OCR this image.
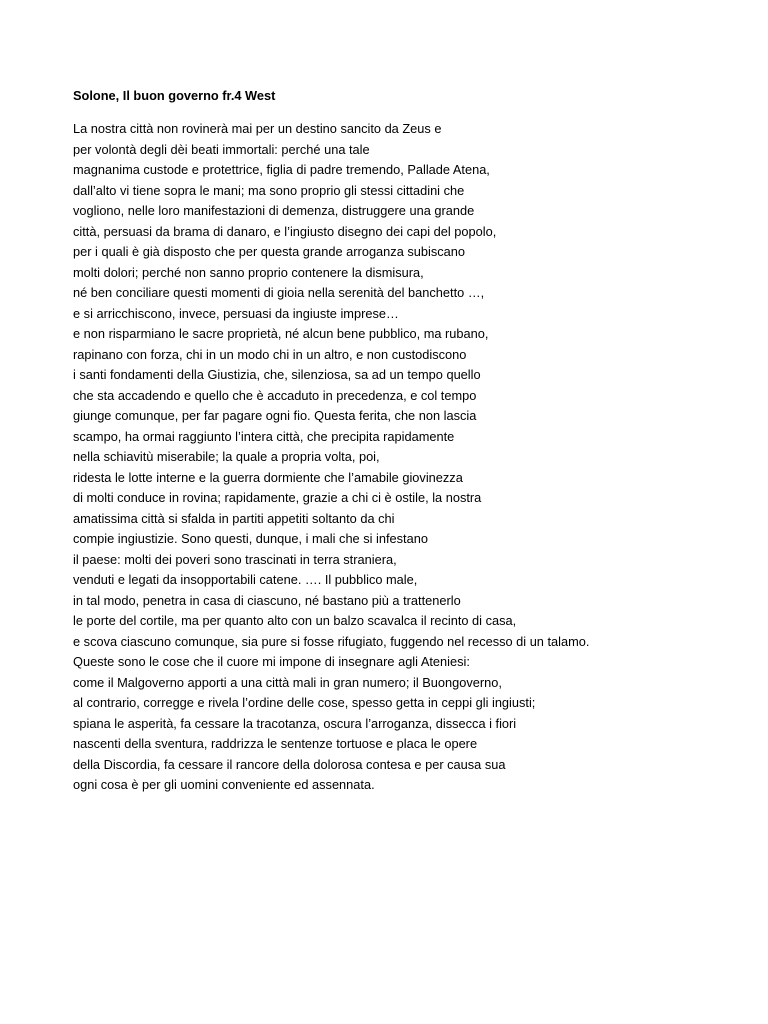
Solone, Il buon governo fr.4 West
La nostra città non rovinerà mai per un destino sancito da Zeus e
per volontà degli dèi beati immortali: perché una tale
magnanima custode e protettrice, figlia di padre tremendo, Pallade Atena,
dall’alto vi tiene sopra le mani; ma sono proprio gli stessi cittadini che
vogliono, nelle loro manifestazioni di demenza, distruggere una grande
città, persuasi da brama di danaro, e l’ingiusto disegno dei capi del popolo,
per i quali è già disposto che per questa grande arroganza subiscano
molti dolori; perché non sanno proprio contenere la dismisura,
né ben conciliare questi momenti di gioia nella serenità del banchetto …,
e si arricchiscono, invece, persuasi da ingiuste imprese…
e non risparmiano le sacre proprietà, né alcun bene pubblico, ma rubano,
rapinano con forza, chi in un modo chi in un altro, e non custodiscono
i santi fondamenti della Giustizia, che, silenziosa, sa ad un tempo quello
che sta accadendo e quello che è accaduto in precedenza, e col tempo
giunge comunque, per far pagare ogni fio. Questa ferita, che non lascia
scampo, ha ormai raggiunto l’intera città, che precipita rapidamente
nella schiavitù miserabile; la quale a propria volta, poi,
ridesta le lotte interne e la guerra dormiente che l’amabile giovinezza
di molti conduce in rovina; rapidamente, grazie a chi ci è ostile, la nostra
amatissima città si sfalda in partiti appetiti soltanto da chi
compie ingiustizie. Sono questi, dunque, i mali che si infestano
il paese: molti dei poveri sono trascinati in terra straniera,
venduti e legati da insopportabili catene. …. Il pubblico male,
in tal modo, penetra in casa di ciascuno, né bastano più a trattenerlo
le porte del cortile, ma per quanto alto con un balzo scavalca il recinto di casa,
e scova ciascuno comunque, sia pure si fosse rifugiato, fuggendo nel recesso di un talamo.
Queste sono le cose che il cuore mi impone di insegnare agli Ateniesi:
come il Malgoverno apporti a una città mali in gran numero; il Buongoverno,
al contrario, corregge e rivela l’ordine delle cose, spesso getta in ceppi gli ingiusti;
spiana le asperità, fa cessare la tracotanza, oscura l’arroganza, dissecca i fiori
nascenti della sventura, raddrizza le sentenze tortuose e placa le opere
della Discordia, fa cessare il rancore della dolorosa contesa e per causa sua
ogni cosa è per gli uomini conveniente ed assennata.
